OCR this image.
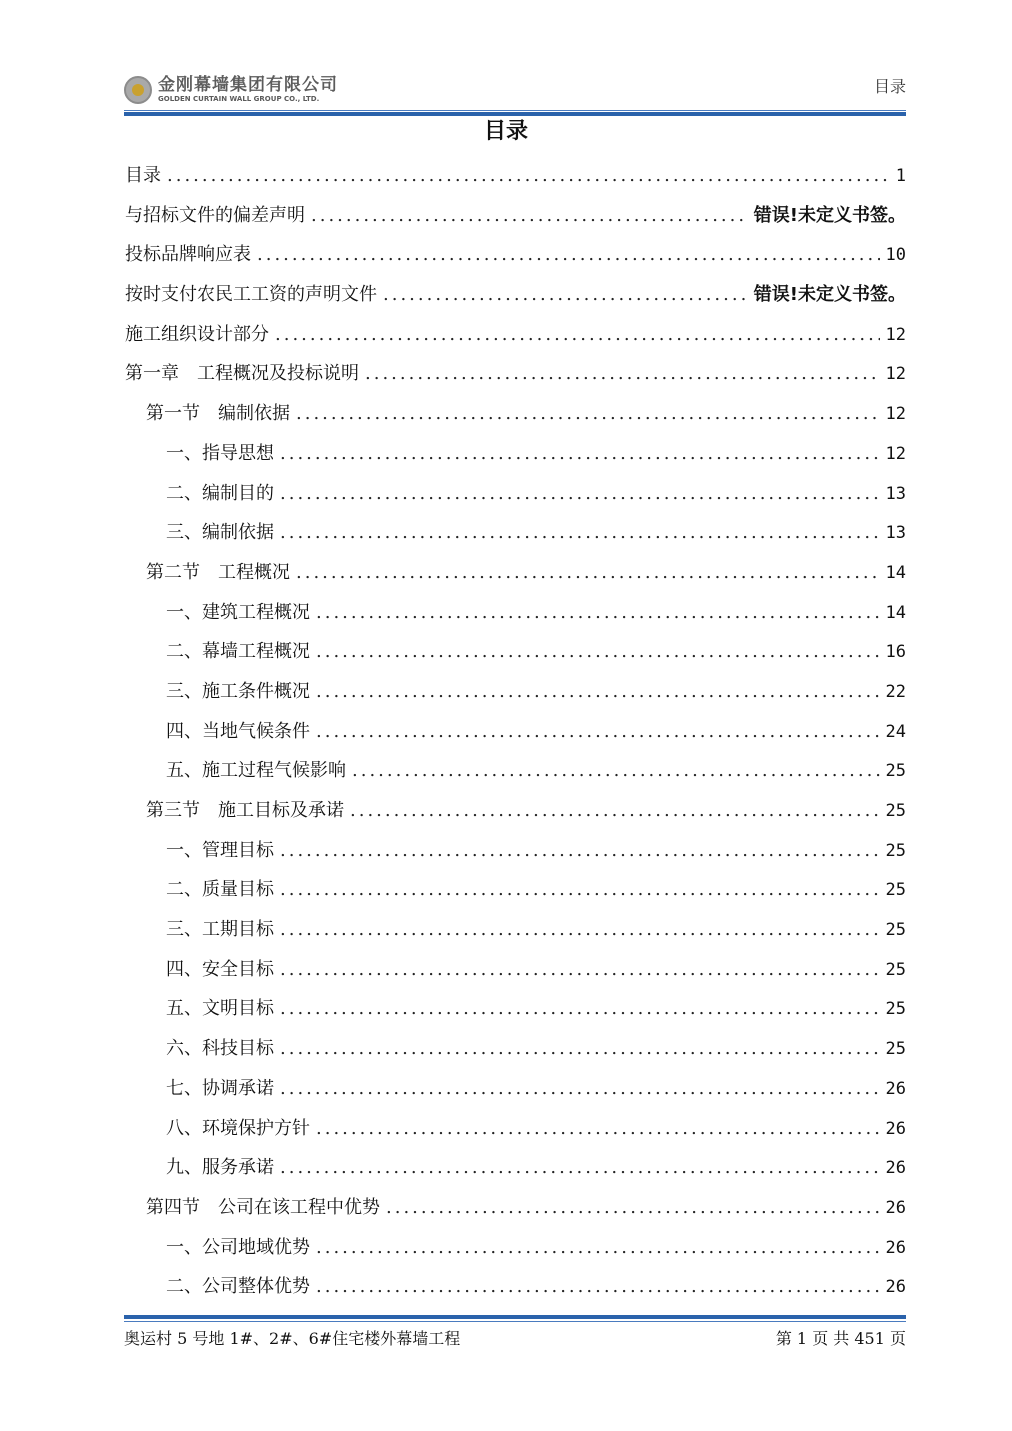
金刚幕墙集团有限公司
GOLDEN CURTAIN WALL GROUP CO., LTD.
目录
目录
目录 .....	1
与招标文件的偏差声明 .....	错误!未定义书签。
投标品牌响应表 .....	10
按时支付农民工工资的声明文件 .....	错误!未定义书签。
施工组织设计部分 .....	12
第一章 工程概况及投标说明 .....	12
第一节 编制依据 .....	12
一、指导思想 .....	12
二、编制目的 .....	13
三、编制依据 .....	13
第二节 工程概况 .....	14
一、建筑工程概况 .....	14
二、幕墙工程概况 .....	16
三、施工条件概况 .....	22
四、当地气候条件 .....	24
五、施工过程气候影响 .....	25
第三节 施工目标及承诺 .....	25
一、管理目标 .....	25
二、质量目标 .....	25
三、工期目标 .....	25
四、安全目标 .....	25
五、文明目标 .....	25
六、科技目标 .....	25
七、协调承诺 .....	26
八、环境保护方针 .....	26
九、服务承诺 .....	26
第四节 公司在该工程中优势 .....	26
一、公司地域优势 .....	26
二、公司整体优势 .....	26
奥运村 5 号地 1#、2#、6#住宅楼外幕墙工程	第 1 页 共 451 页
